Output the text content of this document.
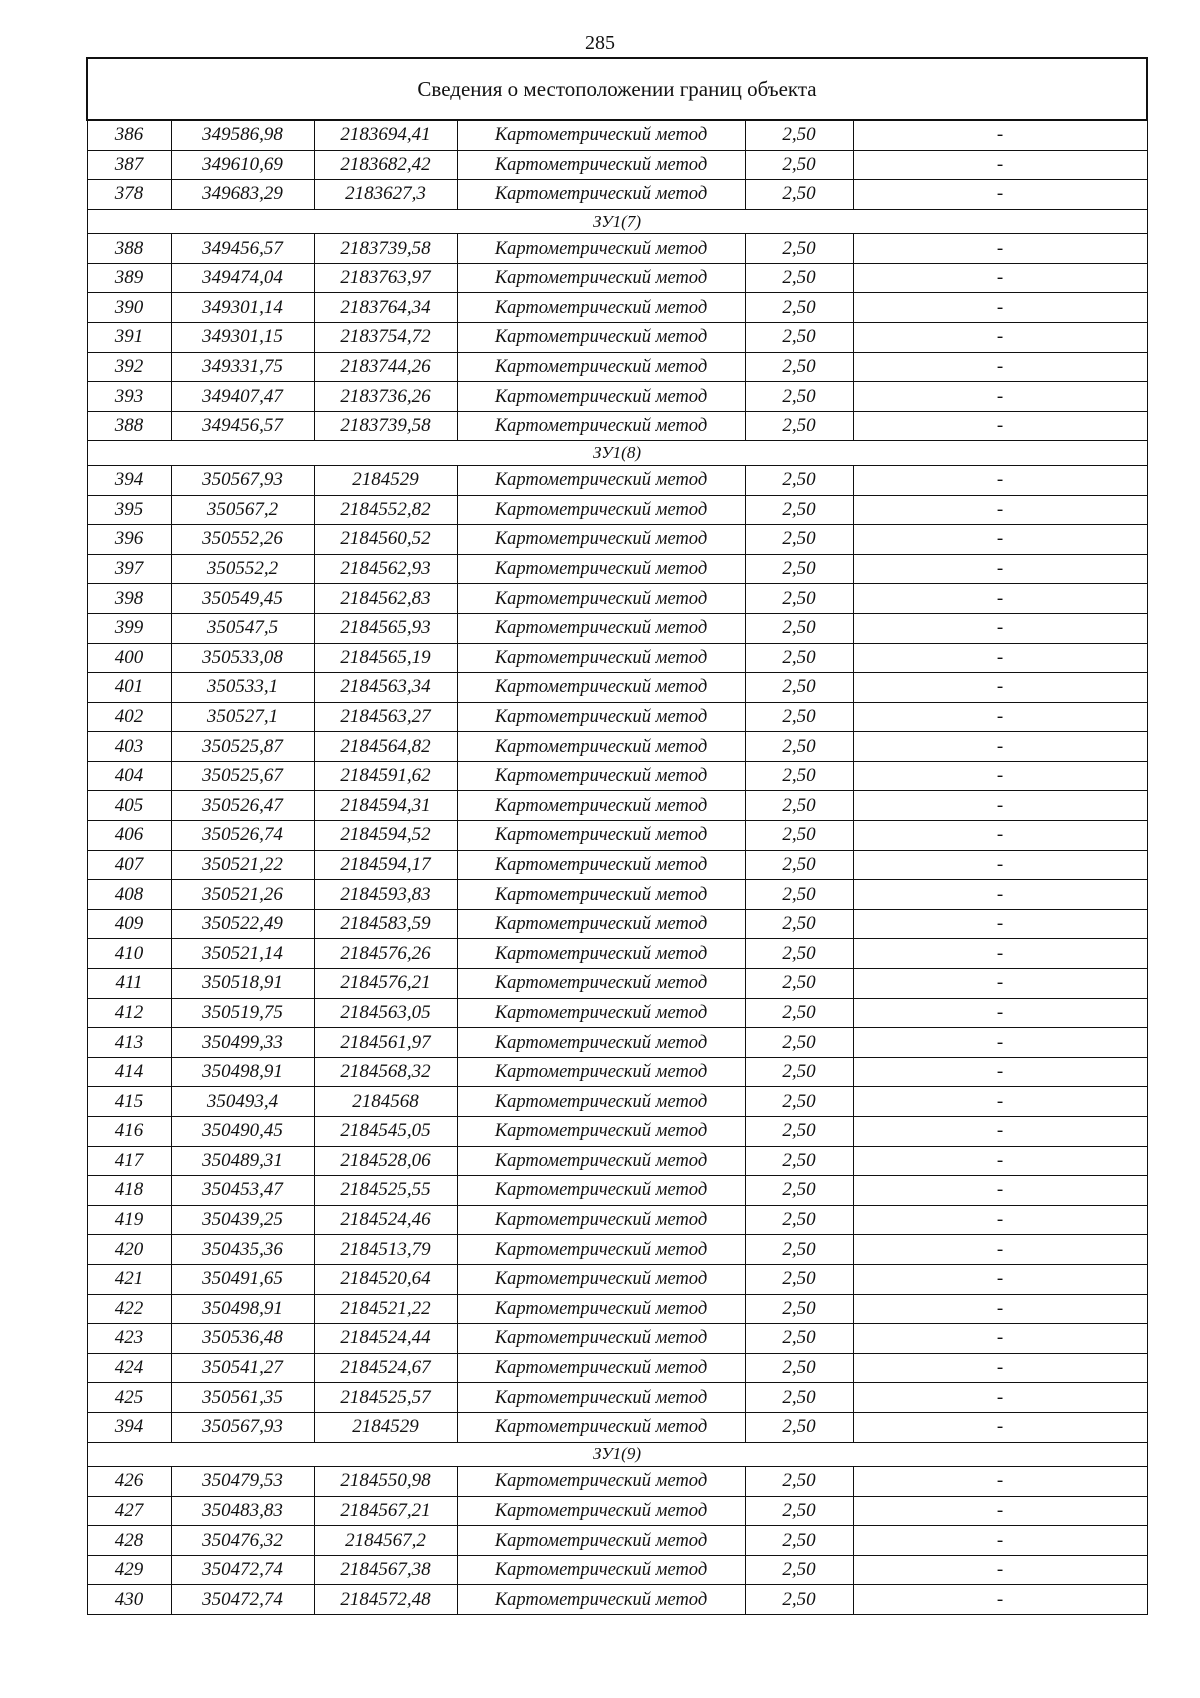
285
Сведения о местоположении границ объекта					
386	349586,98	2183694,41	Картометрический метод	2,50	-
387	349610,69	2183682,42	Картометрический метод	2,50	-
378	349683,29	2183627,3	Картометрический метод	2,50	-
ЗУ1(7)					
388	349456,57	2183739,58	Картометрический метод	2,50	-
389	349474,04	2183763,97	Картометрический метод	2,50	-
390	349301,14	2183764,34	Картометрический метод	2,50	-
391	349301,15	2183754,72	Картометрический метод	2,50	-
392	349331,75	2183744,26	Картометрический метод	2,50	-
393	349407,47	2183736,26	Картометрический метод	2,50	-
388	349456,57	2183739,58	Картометрический метод	2,50	-
ЗУ1(8)					
394	350567,93	2184529	Картометрический метод	2,50	-
395	350567,2	2184552,82	Картометрический метод	2,50	-
396	350552,26	2184560,52	Картометрический метод	2,50	-
397	350552,2	2184562,93	Картометрический метод	2,50	-
398	350549,45	2184562,83	Картометрический метод	2,50	-
399	350547,5	2184565,93	Картометрический метод	2,50	-
400	350533,08	2184565,19	Картометрический метод	2,50	-
401	350533,1	2184563,34	Картометрический метод	2,50	-
402	350527,1	2184563,27	Картометрический метод	2,50	-
403	350525,87	2184564,82	Картометрический метод	2,50	-
404	350525,67	2184591,62	Картометрический метод	2,50	-
405	350526,47	2184594,31	Картометрический метод	2,50	-
406	350526,74	2184594,52	Картометрический метод	2,50	-
407	350521,22	2184594,17	Картометрический метод	2,50	-
408	350521,26	2184593,83	Картометрический метод	2,50	-
409	350522,49	2184583,59	Картометрический метод	2,50	-
410	350521,14	2184576,26	Картометрический метод	2,50	-
411	350518,91	2184576,21	Картометрический метод	2,50	-
412	350519,75	2184563,05	Картометрический метод	2,50	-
413	350499,33	2184561,97	Картометрический метод	2,50	-
414	350498,91	2184568,32	Картометрический метод	2,50	-
415	350493,4	2184568	Картометрический метод	2,50	-
416	350490,45	2184545,05	Картометрический метод	2,50	-
417	350489,31	2184528,06	Картометрический метод	2,50	-
418	350453,47	2184525,55	Картометрический метод	2,50	-
419	350439,25	2184524,46	Картометрический метод	2,50	-
420	350435,36	2184513,79	Картометрический метод	2,50	-
421	350491,65	2184520,64	Картометрический метод	2,50	-
422	350498,91	2184521,22	Картометрический метод	2,50	-
423	350536,48	2184524,44	Картометрический метод	2,50	-
424	350541,27	2184524,67	Картометрический метод	2,50	-
425	350561,35	2184525,57	Картометрический метод	2,50	-
394	350567,93	2184529	Картометрический метод	2,50	-
ЗУ1(9)					
426	350479,53	2184550,98	Картометрический метод	2,50	-
427	350483,83	2184567,21	Картометрический метод	2,50	-
428	350476,32	2184567,2	Картометрический метод	2,50	-
429	350472,74	2184567,38	Картометрический метод	2,50	-
430	350472,74	2184572,48	Картометрический метод	2,50	-
